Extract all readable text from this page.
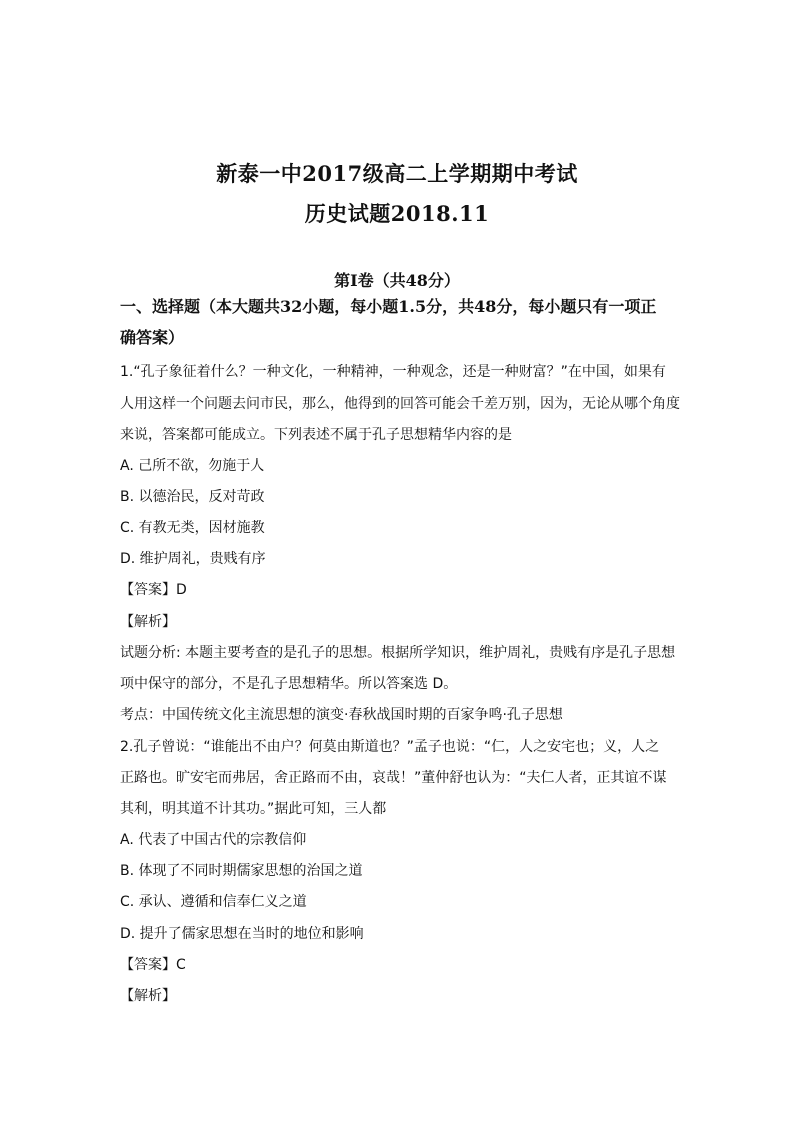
新泰一中2017级高二上学期期中考试
历史试题2018.11
第I卷（共48分）
一、选择题（本大题共32小题，每小题1.5分，共48分，每小题只有一项正
确答案）
1.“孔子象征着什么？一种文化，一种精神，一种观念，还是一种财富？”在中国，如果有
人用这样一个问题去问市民，那么，他得到的回答可能会千差万别，因为，无论从哪个角度
来说，答案都可能成立。下列表述不属于孔子思想精华内容的是
A. 己所不欲，勿施于人
B. 以德治民，反对苛政
C. 有教无类，因材施教
D. 维护周礼，贵贱有序
【答案】D
【解析】
试题分析: 本题主要考查的是孔子的思想。根据所学知识，维护周礼，贵贱有序是孔子思想
项中保守的部分，不是孔子思想精华。所以答案选 D。
考点：中国传统文化主流思想的演变·春秋战国时期的百家争鸣·孔子思想
2.孔子曾说：“谁能出不由户？何莫由斯道也？”孟子也说：“仁，人之安宅也；义，人之
正路也。旷安宅而弗居，舍正路而不由，哀哉！”董仲舒也认为：“夫仁人者，正其谊不谋
其利，明其道不计其功。”据此可知，三人都
A. 代表了中国古代的宗教信仰
B. 体现了不同时期儒家思想的治国之道
C. 承认、遵循和信奉仁义之道
D. 提升了儒家思想在当时的地位和影响
【答案】C
【解析】
